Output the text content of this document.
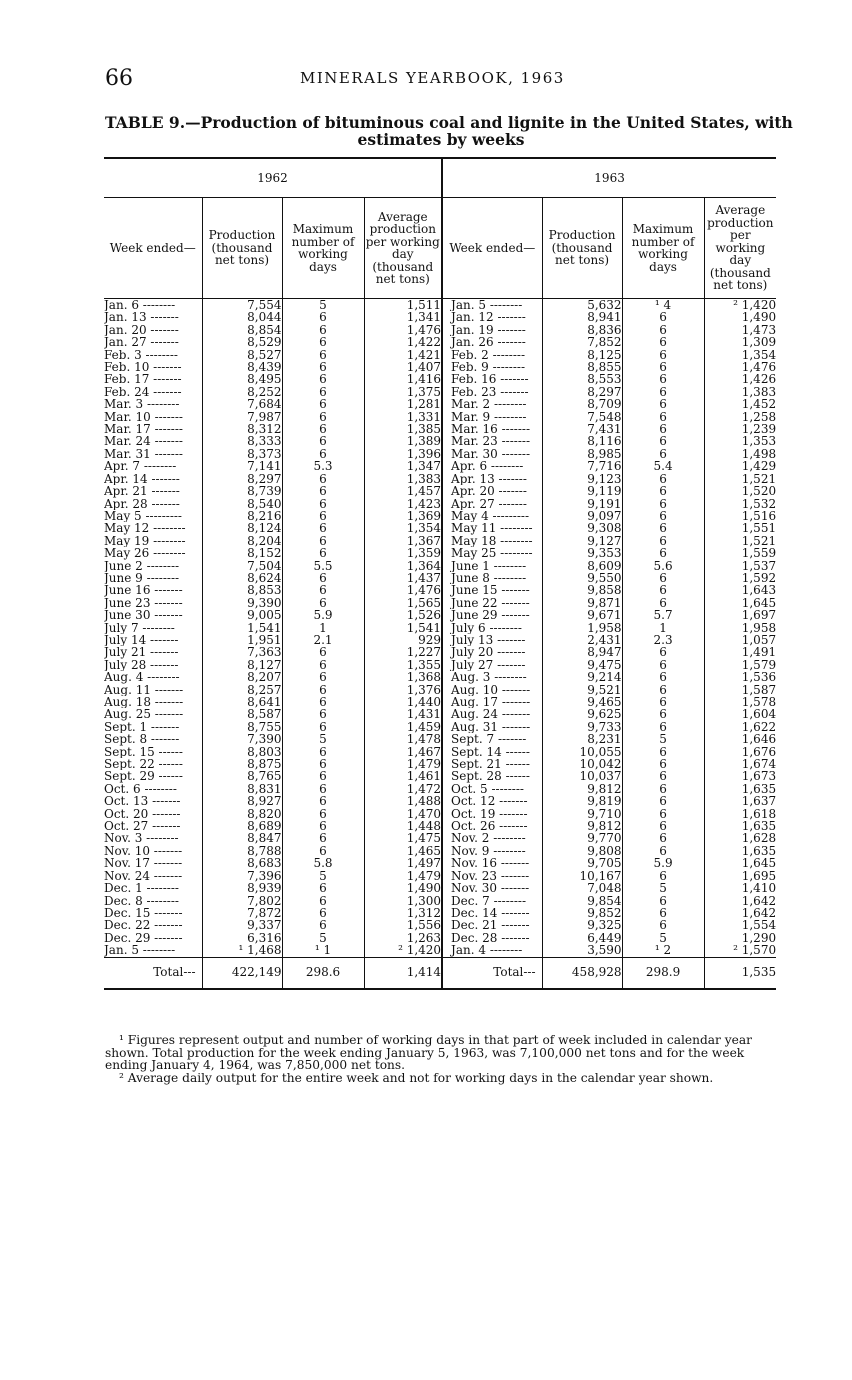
66	MINERALS YEARBOOK, 1963
TABLE 9.—Production of bituminous coal and lignite in the United States, with
estimates by weeks
1962				1963			
Week ended—	Production (thousand net tons)	Maximum number of working days	Average production per working day (thousand net tons)	Week ended—	Production (thousand net tons)	Maximum number of working days	Average production per working day (thousand net tons)
Jan. 6 --------	7,554	5	1,511	Jan. 5 --------	5,632	¹ 4	² 1,420
Jan. 13 -------	8,044	6	1,341	Jan. 12 -------	8,941	6	1,490
Jan. 20 -------	8,854	6	1,476	Jan. 19 -------	8,836	6	1,473
Jan. 27 -------	8,529	6	1,422	Jan. 26 -------	7,852	6	1,309
Feb. 3 --------	8,527	6	1,421	Feb. 2 --------	8,125	6	1,354
Feb. 10 -------	8,439	6	1,407	Feb. 9 --------	8,855	6	1,476
Feb. 17 -------	8,495	6	1,416	Feb. 16 -------	8,553	6	1,426
Feb. 24 -------	8,252	6	1,375	Feb. 23 -------	8,297	6	1,383
Mar. 3 --------	7,684	6	1,281	Mar. 2 --------	8,709	6	1,452
Mar. 10 -------	7,987	6	1,331	Mar. 9 --------	7,548	6	1,258
Mar. 17 -------	8,312	6	1,385	Mar. 16 -------	7,431	6	1,239
Mar. 24 -------	8,333	6	1,389	Mar. 23 -------	8,116	6	1,353
Mar. 31 -------	8,373	6	1,396	Mar. 30 -------	8,985	6	1,498
Apr. 7 --------	7,141	5.3	1,347	Apr. 6 --------	7,716	5.4	1,429
Apr. 14 -------	8,297	6	1,383	Apr. 13 -------	9,123	6	1,521
Apr. 21 -------	8,739	6	1,457	Apr. 20 -------	9,119	6	1,520
Apr. 28 -------	8,540	6	1,423	Apr. 27 -------	9,191	6	1,532
May 5 ---------	8,216	6	1,369	May 4 ---------	9,097	6	1,516
May 12 --------	8,124	6	1,354	May 11 --------	9,308	6	1,551
May 19 --------	8,204	6	1,367	May 18 --------	9,127	6	1,521
May 26 --------	8,152	6	1,359	May 25 --------	9,353	6	1,559
June 2 --------	7,504	5.5	1,364	June 1 --------	8,609	5.6	1,537
June 9 --------	8,624	6	1,437	June 8 --------	9,550	6	1,592
June 16 -------	8,853	6	1,476	June 15 -------	9,858	6	1,643
June 23 -------	9,390	6	1,565	June 22 -------	9,871	6	1,645
June 30 -------	9,005	5.9	1,526	June 29 -------	9,671	5.7	1,697
July 7 --------	1,541	1	1,541	July 6 --------	1,958	1	1,958
July 14 -------	1,951	2.1	929	July 13 -------	2,431	2.3	1,057
July 21 -------	7,363	6	1,227	July 20 -------	8,947	6	1,491
July 28 -------	8,127	6	1,355	July 27 -------	9,475	6	1,579
Aug. 4 --------	8,207	6	1,368	Aug. 3 --------	9,214	6	1,536
Aug. 11 -------	8,257	6	1,376	Aug. 10 -------	9,521	6	1,587
Aug. 18 -------	8,641	6	1,440	Aug. 17 -------	9,465	6	1,578
Aug. 25 -------	8,587	6	1,431	Aug. 24 -------	9,625	6	1,604
Sept. 1 -------	8,755	6	1,459	Aug. 31 -------	9,733	6	1,622
Sept. 8 -------	7,390	5	1,478	Sept. 7 -------	8,231	5	1,646
Sept. 15 ------	8,803	6	1,467	Sept. 14 ------	10,055	6	1,676
Sept. 22 ------	8,875	6	1,479	Sept. 21 ------	10,042	6	1,674
Sept. 29 ------	8,765	6	1,461	Sept. 28 ------	10,037	6	1,673
Oct. 6 --------	8,831	6	1,472	Oct. 5 --------	9,812	6	1,635
Oct. 13 -------	8,927	6	1,488	Oct. 12 -------	9,819	6	1,637
Oct. 20 -------	8,820	6	1,470	Oct. 19 -------	9,710	6	1,618
Oct. 27 -------	8,689	6	1,448	Oct. 26 -------	9,812	6	1,635
Nov. 3 --------	8,847	6	1,475	Nov. 2 --------	9,770	6	1,628
Nov. 10 -------	8,788	6	1,465	Nov. 9 --------	9,808	6	1,635
Nov. 17 -------	8,683	5.8	1,497	Nov. 16 -------	9,705	5.9	1,645
Nov. 24 -------	7,396	5	1,479	Nov. 23 -------	10,167	6	1,695
Dec. 1 --------	8,939	6	1,490	Nov. 30 -------	7,048	5	1,410
Dec. 8 --------	7,802	6	1,300	Dec. 7 --------	9,854	6	1,642
Dec. 15 -------	7,872	6	1,312	Dec. 14 -------	9,852	6	1,642
Dec. 22 -------	9,337	6	1,556	Dec. 21 -------	9,325	6	1,554
Dec. 29 -------	6,316	5	1,263	Dec. 28 -------	6,449	5	1,290
Jan. 5 --------	¹ 1,468	¹ 1	² 1,420	Jan. 4 --------	3,590	¹ 2	² 1,570
Total---	422,149	298.6	1,414	Total---	458,928	298.9	1,535

¹ Figures represent output and number of working days in that part of week included in calendar year shown. Total production for the week ending January 5, 1963, was 7,100,000 net tons and for the week ending January 4, 1964, was 7,850,000 net tons.

² Average daily output for the entire week and not for working days in the calendar year shown.
